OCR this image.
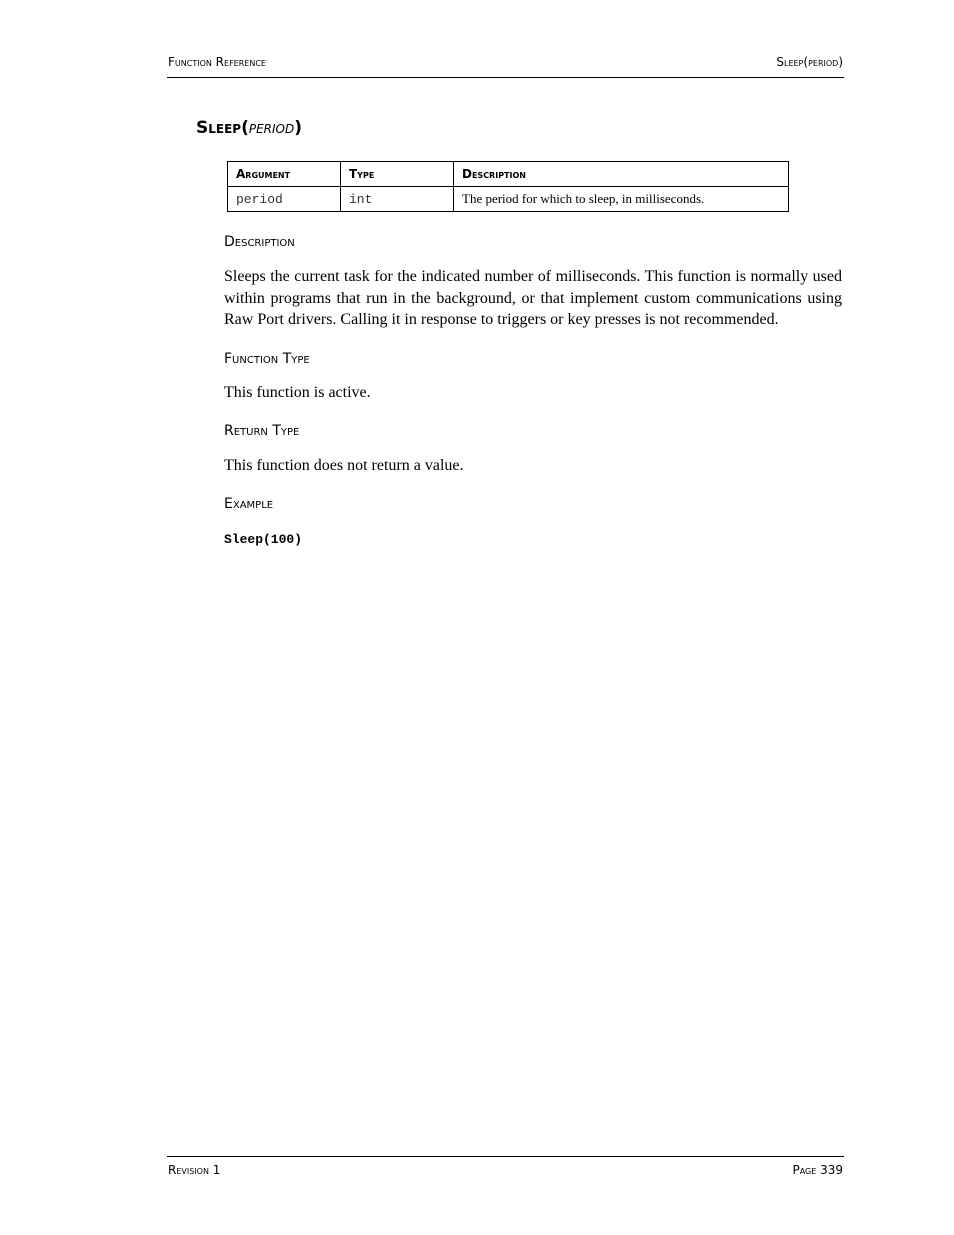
Function Reference	Sleep(period)
Sleep(period)
Argument	Type	Description
period	int	The period for which to sleep, in milliseconds.
Description
Sleeps the current task for the indicated number of milliseconds. This function is normally used within programs that run in the background, or that implement custom communications using Raw Port drivers. Calling it in response to triggers or key presses is not recommended.
Function Type
This function is active.
Return Type
This function does not return a value.
Example
Sleep(100)
Revision 1	Page 339
